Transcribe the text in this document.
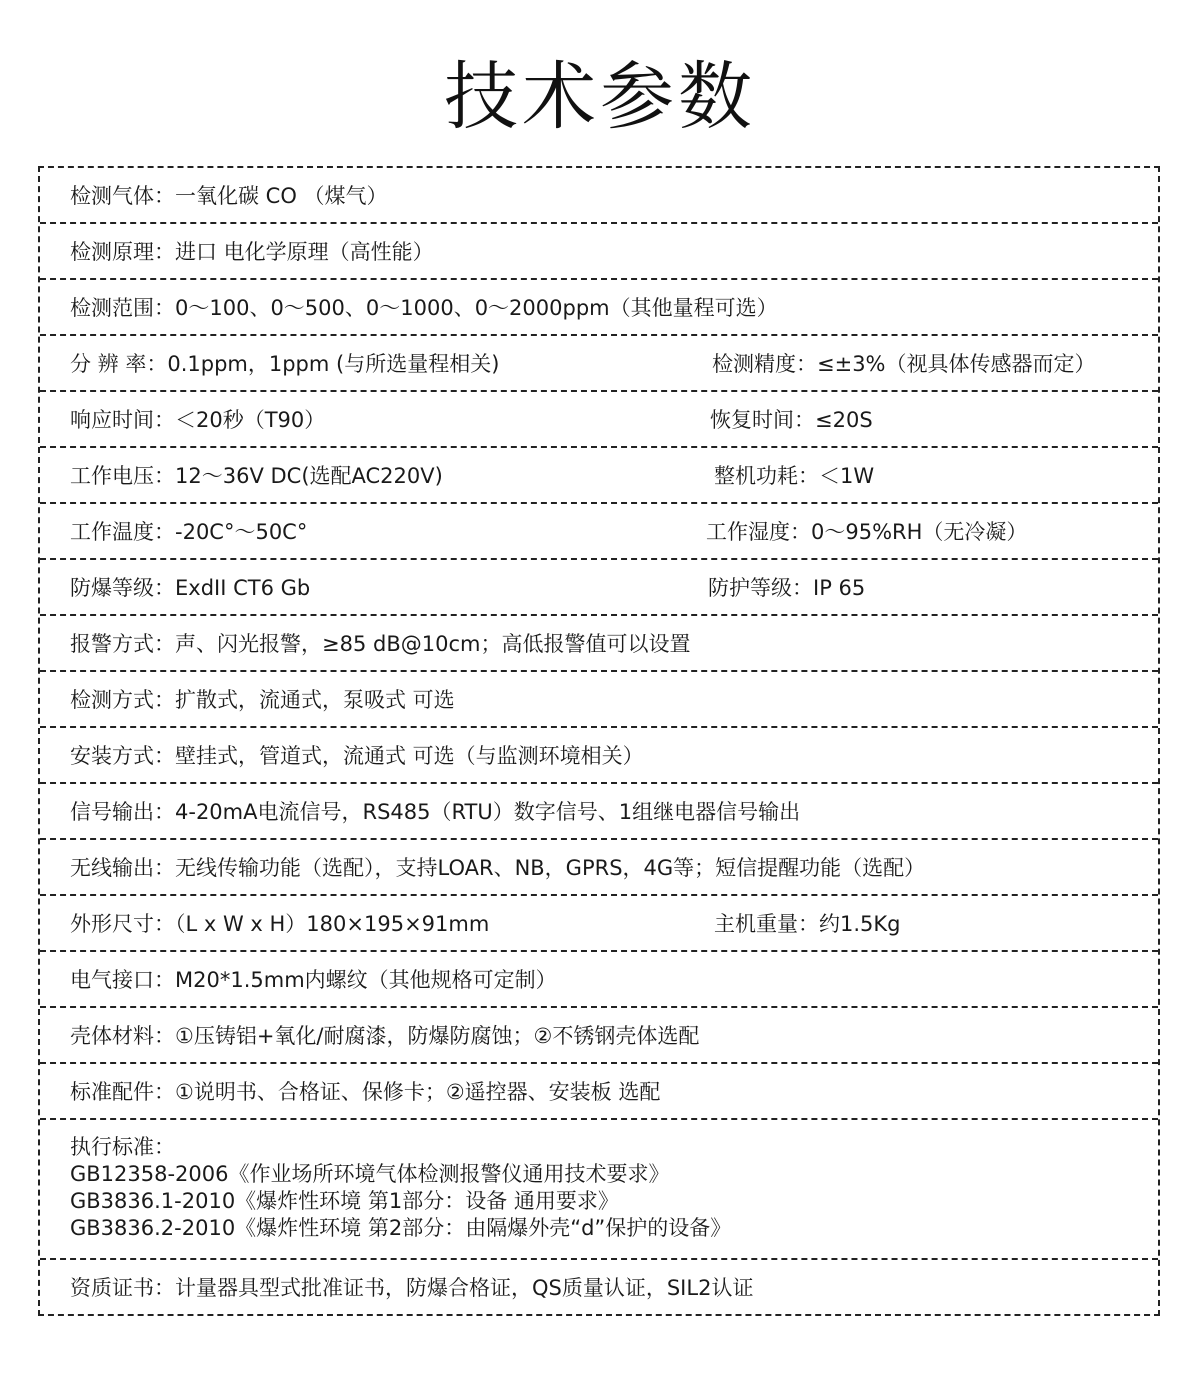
技术参数
检测气体：一氧化碳 CO （煤气）
检测原理：进口 电化学原理（高性能）
检测范围：0～100、0～500、0～1000、0～2000ppm（其他量程可选）
分 辨 率：0.1ppm，1ppm (与所选量程相关)	检测精度：≤±3%（视具体传感器而定）
响应时间：＜20秒（T90）	恢复时间：≤20S
工作电压：12～36V DC(选配AC220V)	整机功耗：＜1W
工作温度：-20C°～50C°	工作湿度：0～95%RH（无冷凝）
防爆等级：ExdII CT6 Gb	防护等级：IP 65
报警方式：声、闪光报警，≥85 dB@10cm；高低报警值可以设置
检测方式：扩散式，流通式，泵吸式 可选
安装方式：壁挂式，管道式，流通式 可选（与监测环境相关）
信号输出：4-20mA电流信号，RS485（RTU）数字信号、1组继电器信号输出
无线输出：无线传输功能（选配），支持LOAR、NB，GPRS，4G等；短信提醒功能（选配）
外形尺寸：（L x W x H）180×195×91mm	主机重量：约1.5Kg
电气接口：M20*1.5mm内螺纹（其他规格可定制）
壳体材料：①压铸铝+氧化/耐腐漆，防爆防腐蚀；②不锈钢壳体选配
标准配件：①说明书、合格证、保修卡；②遥控器、安装板 选配
执行标准：
GB12358-2006《作业场所环境气体检测报警仪通用技术要求》
GB3836.1-2010《爆炸性环境 第1部分：设备 通用要求》
GB3836.2-2010《爆炸性环境 第2部分：由隔爆外壳“d”保护的设备》
资质证书：计量器具型式批准证书，防爆合格证，QS质量认证，SIL2认证
